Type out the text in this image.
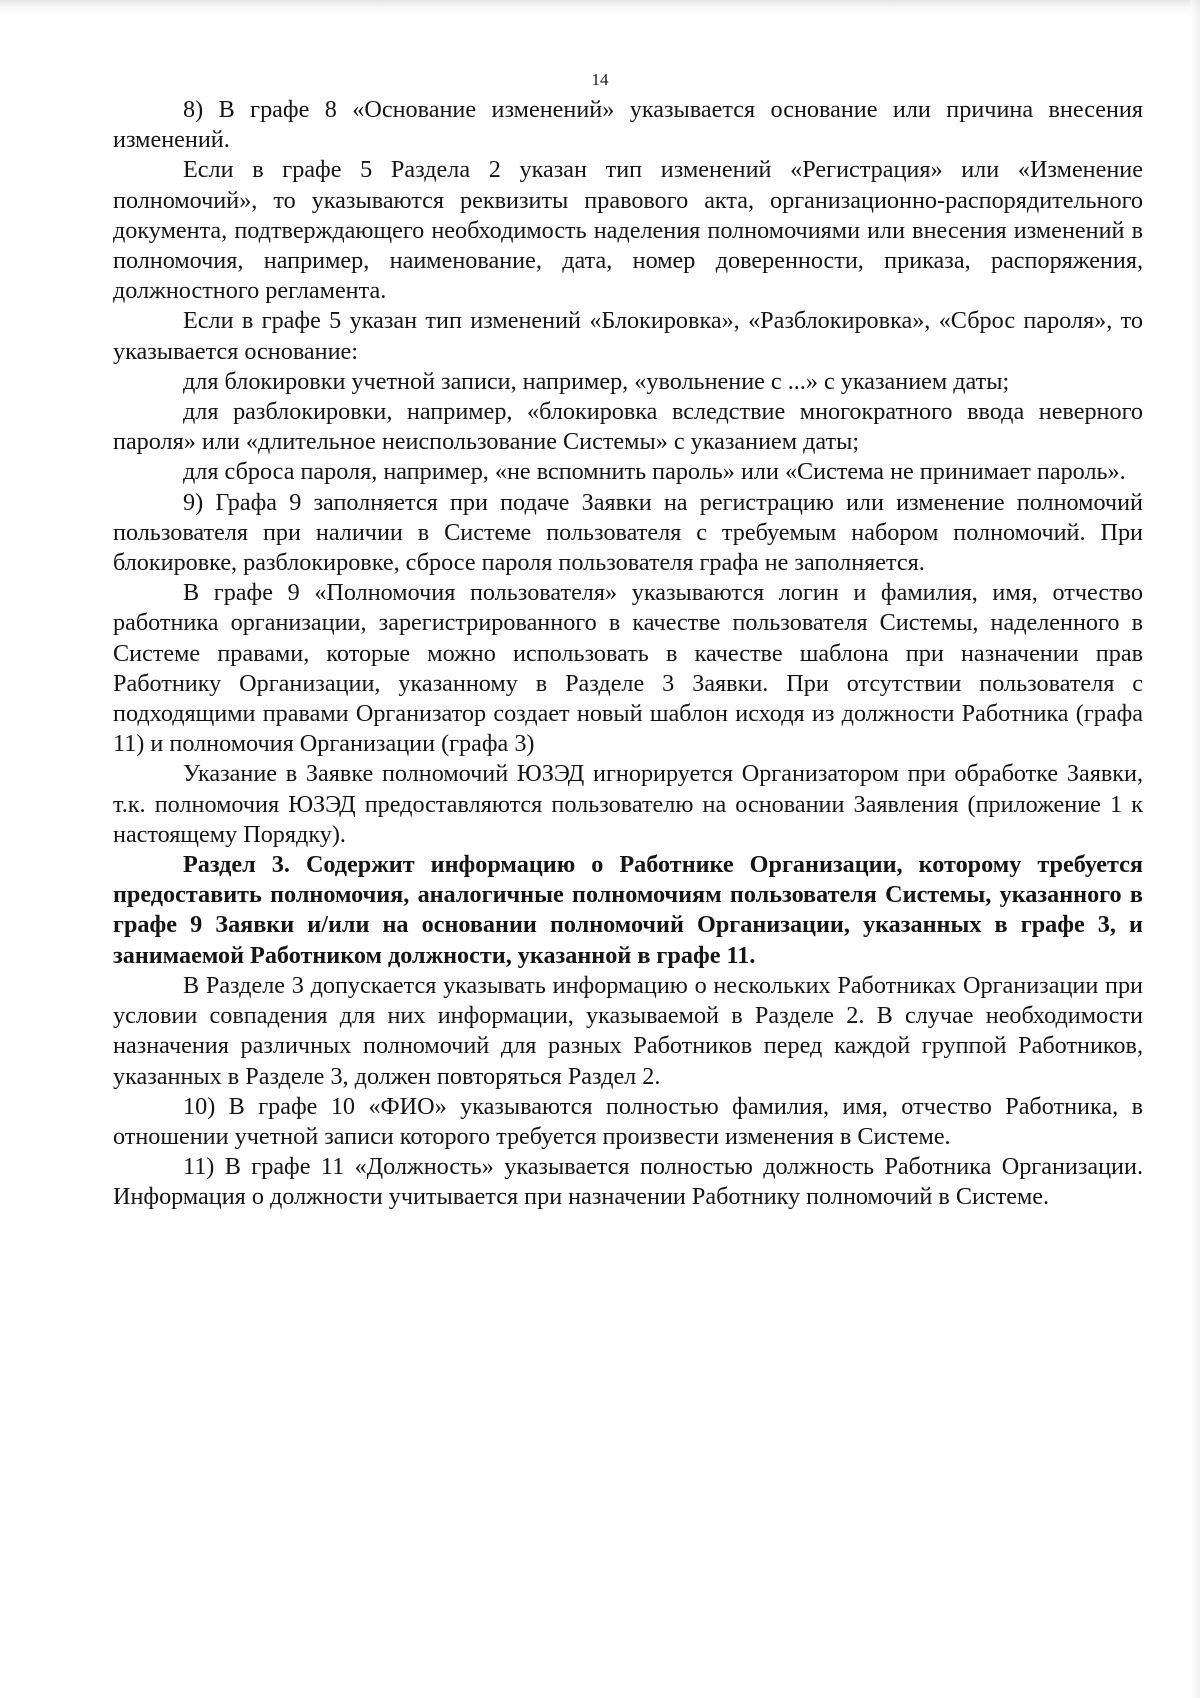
14

8) В графе 8 «Основание изменений» указывается основание или причина внесения изменений.

Если в графе 5 Раздела 2 указан тип изменений «Регистрация» или «Изменение полномочий», то указываются реквизиты правового акта, организационно-распорядительного документа, подтверждающего необходимость наделения полномочиями или внесения изменений в полномочия, например, наименование, дата, номер доверенности, приказа, распоряжения, должностного регламента.

Если в графе 5 указан тип изменений «Блокировка», «Разблокировка», «Сброс пароля», то указывается основание:

для блокировки учетной записи, например, «увольнение с ...» с указанием даты;

для разблокировки, например, «блокировка вследствие многократного ввода неверного пароля» или «длительное неиспользование Системы» с указанием даты;

для сброса пароля, например, «не вспомнить пароль» или «Система не принимает пароль».

9) Графа 9 заполняется при подаче Заявки на регистрацию или изменение полномочий пользователя при наличии в Системе пользователя с требуемым набором полномочий. При блокировке, разблокировке, сбросе пароля пользователя графа не заполняется.

В графе 9 «Полномочия пользователя» указываются логин и фамилия, имя, отчество работника организации, зарегистрированного в качестве пользователя Системы, наделенного в Системе правами, которые можно использовать в качестве шаблона при назначении прав Работнику Организации, указанному в Разделе 3 Заявки. При отсутствии пользователя с подходящими правами Организатор создает новый шаблон исходя из должности Работника (графа 11) и полномочия Организации (графа 3)

Указание в Заявке полномочий ЮЗЭД игнорируется Организатором при обработке Заявки, т.к. полномочия ЮЗЭД предоставляются пользователю на основании Заявления (приложение 1 к настоящему Порядку).

Раздел 3. Содержит информацию о Работнике Организации, которому требуется предоставить полномочия, аналогичные полномочиям пользователя Системы, указанного в графе 9 Заявки и/или на основании полномочий Организации, указанных в графе 3, и занимаемой Работником должности, указанной в графе 11.

В Разделе 3 допускается указывать информацию о нескольких Работниках Организации при условии совпадения для них информации, указываемой в Разделе 2. В случае необходимости назначения различных полномочий для разных Работников перед каждой группой Работников, указанных в Разделе 3, должен повторяться Раздел 2.

10) В графе 10 «ФИО» указываются полностью фамилия, имя, отчество Работника, в отношении учетной записи которого требуется произвести изменения в Системе.

11) В графе 11 «Должность» указывается полностью должность Работника Организации. Информация о должности учитывается при назначении Работнику полномочий в Системе.
